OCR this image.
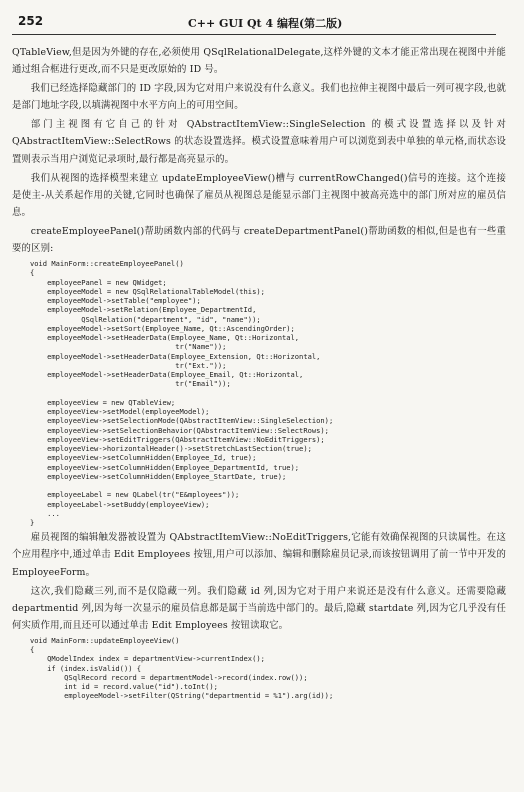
252	C++ GUI Qt 4 编程(第二版)

QTableView,但是因为外键的存在,必须使用 QSqlRelationalDelegate,这样外键的文本才能正常出现在视图中并能通过组合框进行更改,而不只是更改原始的 ID 号。

我们已经选择隐藏部门的 ID 字段,因为它对用户来说没有什么意义。我们也拉伸主视图中最后一列可视字段,也就是部门地址字段,以填满视图中水平方向上的可用空间。

部门主视图有它自己的针对 QAbstractItemView::SingleSelection 的模式设置选择以及针对 QAbstractItemView::SelectRows 的状态设置选择。模式设置意味着用户可以浏览到表中单独的单元格,而状态设置则表示当用户浏览记录项时,最行都是高亮显示的。

我们从视图的选择模型来建立 updateEmployeeView()槽与 currentRowChanged()信号的连接。这个连接是使主-从关系起作用的关键,它同时也确保了雇员从视图总是能显示部门主视图中被高亮选中的部门所对应的雇员信息。

createEmployeePanel()帮助函数内部的代码与 createDepartmentPanel()帮助函数的相似,但是也有一些重要的区别:

void MainForm::createEmployeePanel()
{
employeePanel = new QWidget;
employeeModel = new QSqlRelationalTableModel(this);
employeeModel->setTable("employee");
employeeModel->setRelation(Employee_DepartmentId,
QSqlRelation("department", "id", "name"));
employeeModel->setSort(Employee_Name, Qt::AscendingOrder);
employeeModel->setHeaderData(Employee_Name, Qt::Horizontal,
tr("Name"));
employeeModel->setHeaderData(Employee_Extension, Qt::Horizontal,
tr("Ext."));
employeeModel->setHeaderData(Employee_Email, Qt::Horizontal,
tr("Email"));

employeeView = new QTableView;
employeeView->setModel(employeeModel);
employeeView->setSelectionMode(QAbstractItemView::SingleSelection);
employeeView->setSelectionBehavior(QAbstractItemView::SelectRows);
employeeView->setEditTriggers(QAbstractItemView::NoEditTriggers);
employeeView->horizontalHeader()->setStretchLastSection(true);
employeeView->setColumnHidden(Employee_Id, true);
employeeView->setColumnHidden(Employee_DepartmentId, true);
employeeView->setColumnHidden(Employee_StartDate, true);

employeeLabel = new QLabel(tr("E&mployees"));
employeeLabel->setBuddy(employeeView);
...
}

雇员视图的编辑触发器被设置为 QAbstractItemView::NoEditTriggers,它能有效确保视图的只读属性。在这个应用程序中,通过单击 Edit Employees 按钮,用户可以添加、编辑和删除雇员记录,而该按钮调用了前一节中开发的 EmployeeForm。

这次,我们隐藏三列,而不是仅隐藏一列。我们隐藏 id 列,因为它对于用户来说还是没有什么意义。还需要隐藏 departmentid 列,因为每一次显示的雇员信息都是属于当前选中部门的。最后,隐藏 startdate 列,因为它几乎没有任何实质作用,而且还可以通过单击 Edit Employees 按钮读取它。

void MainForm::updateEmployeeView()
{
QModelIndex index = departmentView->currentIndex();
if (index.isValid()) {
QSqlRecord record = departmentModel->record(index.row());
int id = record.value("id").toInt();
employeeModel->setFilter(QString("departmentid = %1").arg(id));
